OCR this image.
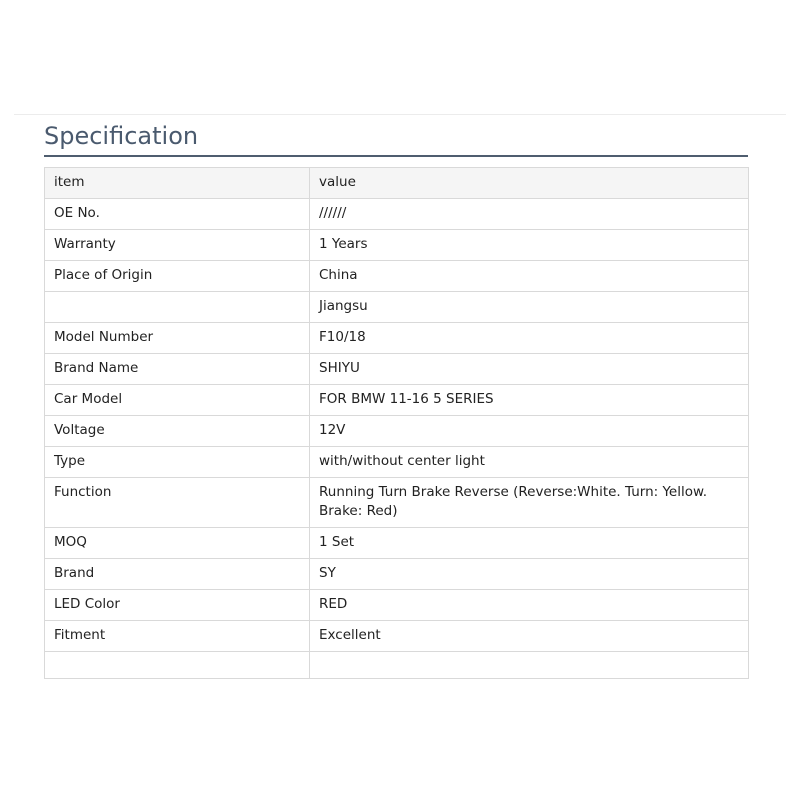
Specification
item	value
OE No.	//////
Warranty	1 Years
Place of Origin	China
	Jiangsu
Model Number	F10/18
Brand Name	SHIYU
Car Model	FOR BMW 11-16 5 SERIES
Voltage	12V
Type	with/without center light
Function	Running Turn Brake Reverse (Reverse:White. Turn: Yellow. Brake: Red)
MOQ	1 Set
Brand	SY
LED Color	RED
Fitment	Excellent
